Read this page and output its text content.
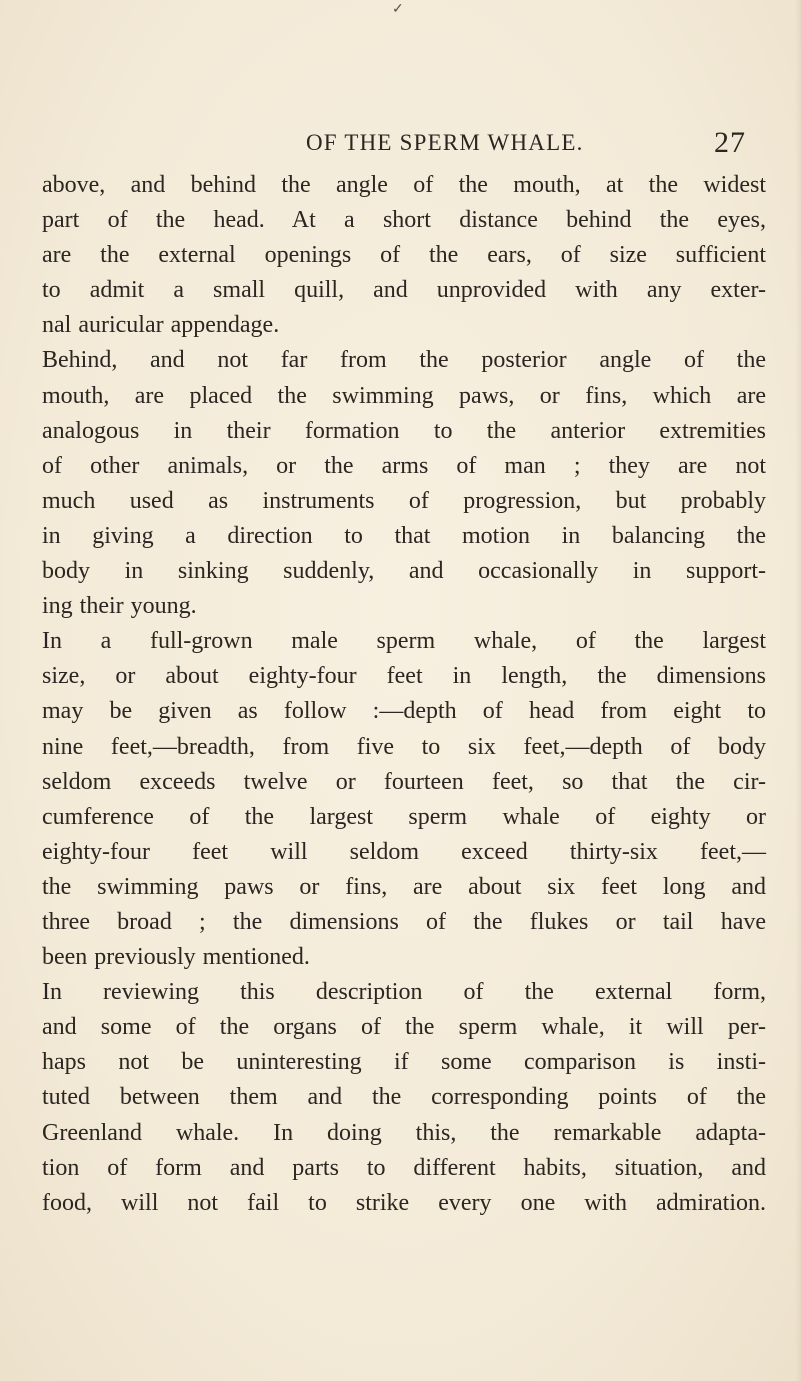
✓
OF THE SPERM WHALE.	27
above, and behind the angle of the mouth, at the widest
part of the head. At a short distance behind the eyes,
are the external openings of the ears, of size sufficient
to admit a small quill, and unprovided with any exter-
nal auricular appendage.
Behind, and not far from the posterior angle of the
mouth, are placed the swimming paws, or fins, which are
analogous in their formation to the anterior extremities
of other animals, or the arms of man ; they are not
much used as instruments of progression, but probably
in giving a direction to that motion in balancing the
body in sinking suddenly, and occasionally in support-
ing their young.
In a full-grown male sperm whale, of the largest
size, or about eighty-four feet in length, the dimensions
may be given as follow :—depth of head from eight to
nine feet,—breadth, from five to six feet,—depth of body
seldom exceeds twelve or fourteen feet, so that the cir-
cumference of the largest sperm whale of eighty or
eighty-four feet will seldom exceed thirty-six feet,—
the swimming paws or fins, are about six feet long and
three broad ; the dimensions of the flukes or tail have
been previously mentioned.
In reviewing this description of the external form,
and some of the organs of the sperm whale, it will per-
haps not be uninteresting if some comparison is insti-
tuted between them and the corresponding points of the
Greenland whale. In doing this, the remarkable adapta-
tion of form and parts to different habits, situation, and
food, will not fail to strike every one with admiration.
